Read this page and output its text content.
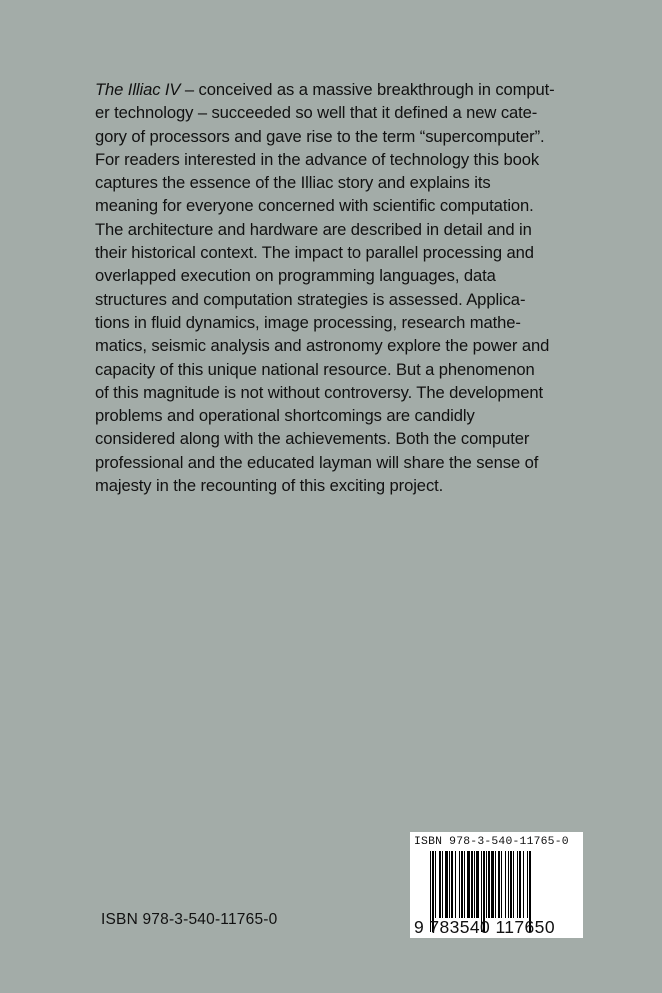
The Illiac IV – conceived as a massive breakthrough in comput-
er technology – succeeded so well that it defined a new cate-
gory of processors and gave rise to the term “supercomputer”.
For readers interested in the advance of technology this book
captures the essence of the Illiac story and explains its
meaning for everyone concerned with scientific computation.
The architecture and hardware are described in detail and in
their historical context. The impact to parallel processing and
overlapped execution on programming languages, data
structures and computation strategies is assessed. Applica-
tions in fluid dynamics, image processing, research mathe-
matics, seismic analysis and astronomy explore the power and
capacity of this unique national resource. But a phenomenon
of this magnitude is not without controversy. The development
problems and operational shortcomings are candidly
considered along with the achievements. Both the computer
professional and the educated layman will share the sense of
majesty in the recounting of this exciting project.
ISBN 978-3-540-11765-0
9 783540 117650
ISBN 978-3-540-11765-0
